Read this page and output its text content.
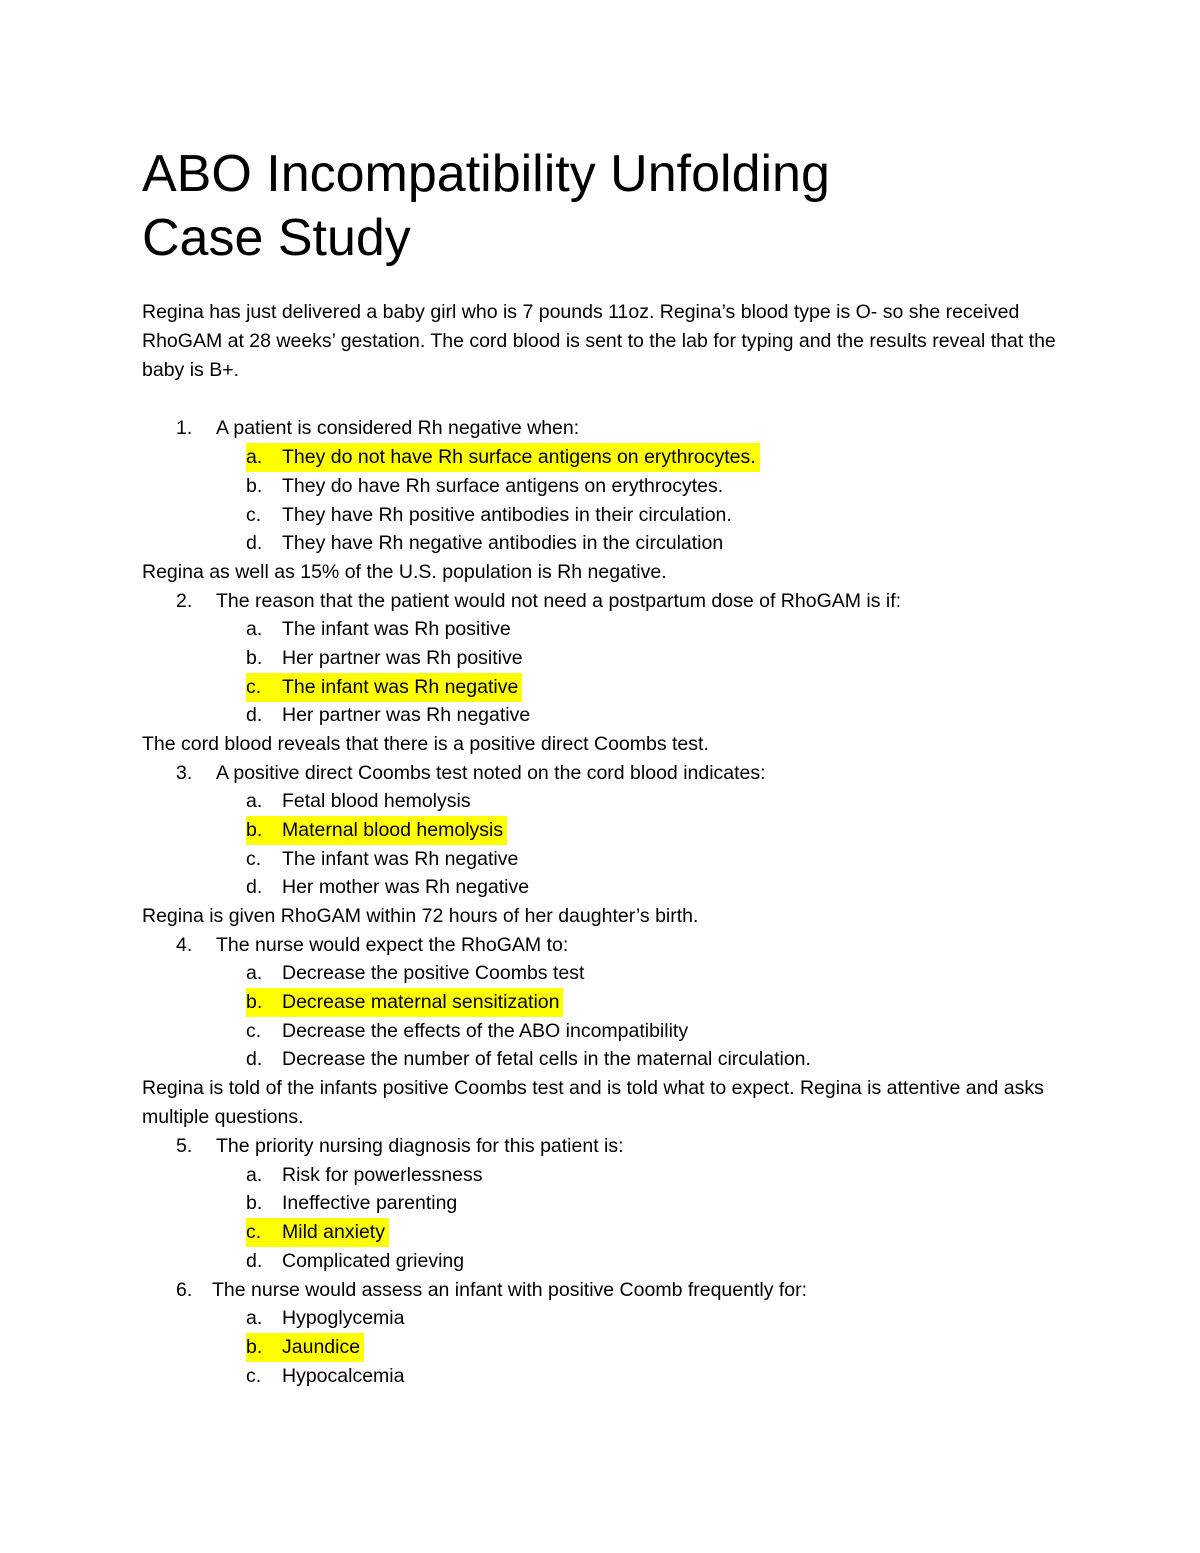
ABO Incompatibility Unfolding
Case Study

Regina has just delivered a baby girl who is 7 pounds 11oz. Regina’s blood type is O- so she received RhoGAM at 28 weeks’ gestation. The cord blood is sent to the lab for typing and the results reveal that the baby is B+.

1. A patient is considered Rh negative when:
a. They do not have Rh surface antigens on erythrocytes.
b. They do have Rh surface antigens on erythrocytes.
c. They have Rh positive antibodies in their circulation.
d. They have Rh negative antibodies in the circulation
Regina as well as 15% of the U.S. population is Rh negative.
2. The reason that the patient would not need a postpartum dose of RhoGAM is if:
a. The infant was Rh positive
b. Her partner was Rh positive
c. The infant was Rh negative
d. Her partner was Rh negative
The cord blood reveals that there is a positive direct Coombs test.
3. A positive direct Coombs test noted on the cord blood indicates:
a. Fetal blood hemolysis
b. Maternal blood hemolysis
c. The infant was Rh negative
d. Her mother was Rh negative
Regina is given RhoGAM within 72 hours of her daughter’s birth.
4. The nurse would expect the RhoGAM to:
a. Decrease the positive Coombs test
b. Decrease maternal sensitization
c. Decrease the effects of the ABO incompatibility
d. Decrease the number of fetal cells in the maternal circulation.
Regina is told of the infants positive Coombs test and is told what to expect. Regina is attentive and asks multiple questions.
5. The priority nursing diagnosis for this patient is:
a. Risk for powerlessness
b. Ineffective parenting
c. Mild anxiety
d. Complicated grieving
6. The nurse would assess an infant with positive Coomb frequently for:
a. Hypoglycemia
b. Jaundice
c. Hypocalcemia
